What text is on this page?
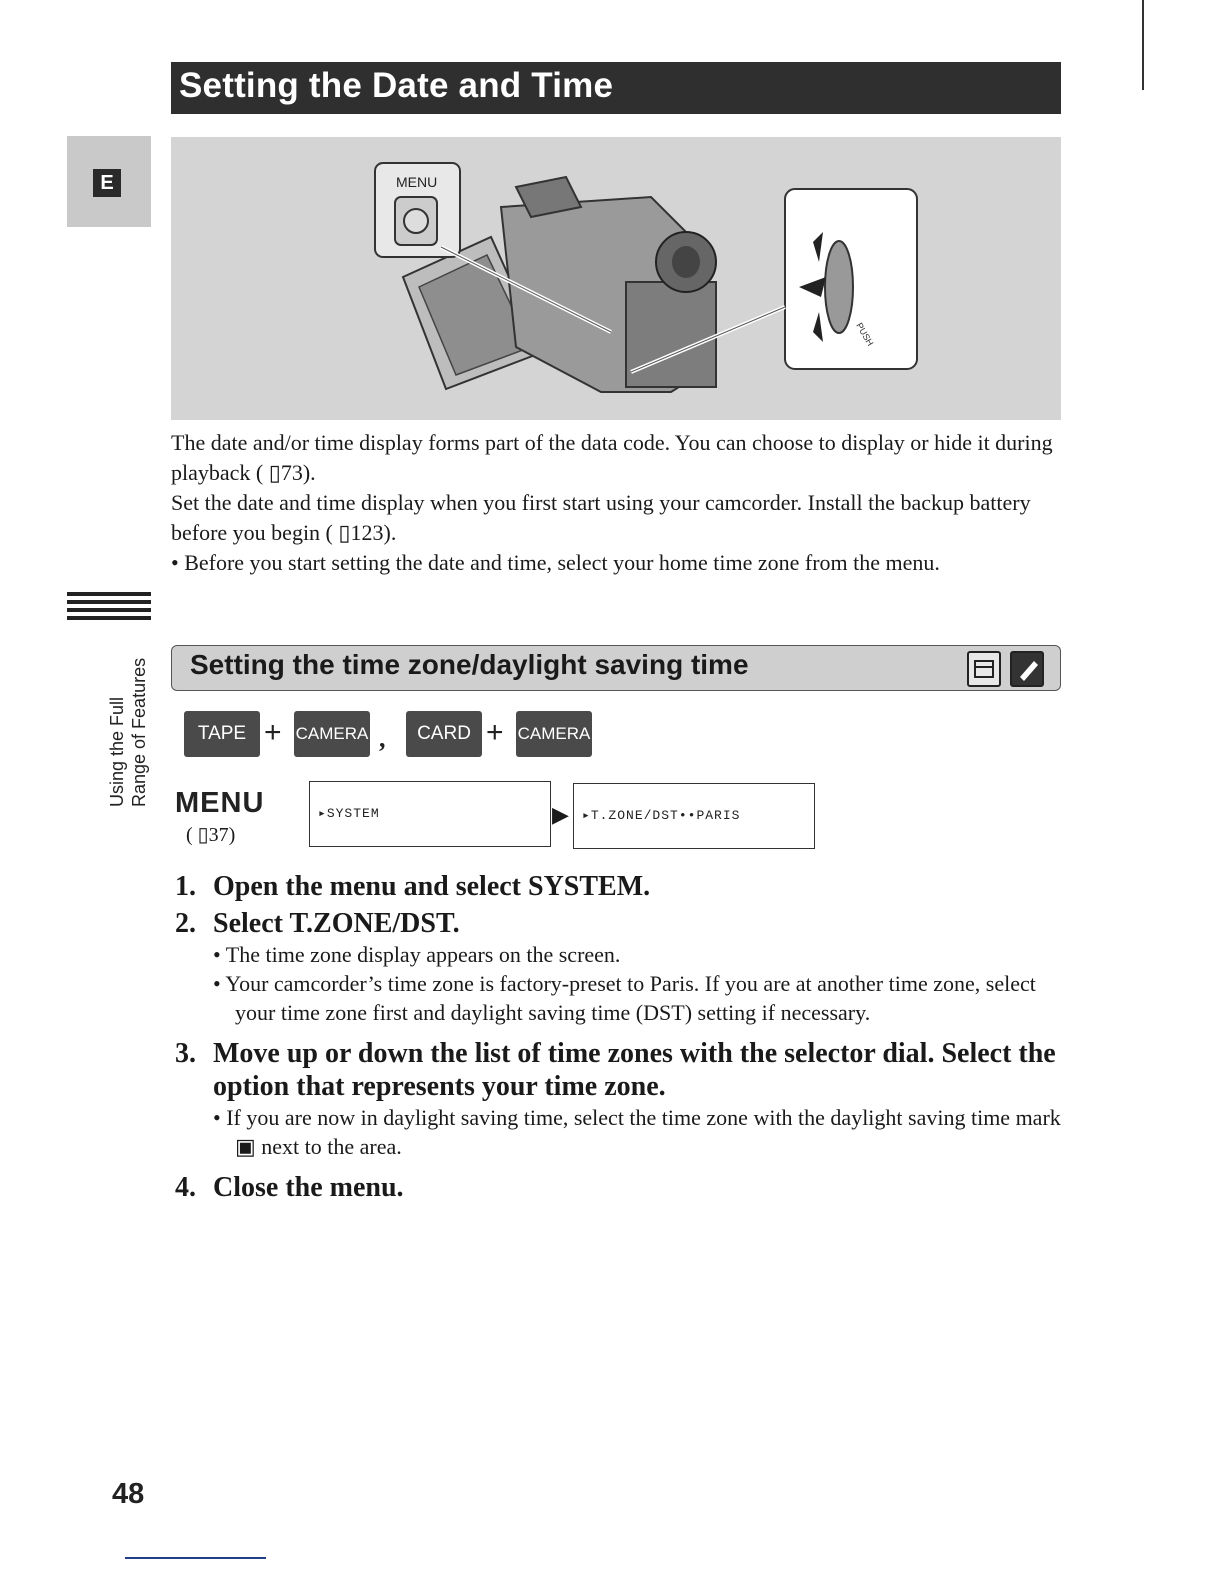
Setting the Date and Time
E	MENU
PUSH
Using the Full Range of Features

The date and/or time display forms part of the data code. You can choose to display or hide it during playback ( ▯73).

Set the date and time display when you first start using your camcorder. Install the backup battery before you begin ( ▯123).

• Before you start setting the date and time, select your home time zone from the menu.

Setting the time zone/daylight saving time
TAPE + CAMERA ,	CARD + CAMERA
MENU
( ▯37)
▸SYSTEM	▶ ▸T.ZONE/DST••PARIS
1. Open the menu and select SYSTEM.
2. Select T.ZONE/DST.
• The time zone display appears on the screen.
• Your camcorder’s time zone is factory-preset to Paris. If you are at another time zone, select your time zone first and daylight saving time (DST) setting if necessary.
3. Move up or down the list of time zones with the selector dial. Select the option that represents your time zone.
• If you are now in daylight saving time, select the time zone with the daylight saving time mark ▣ next to the area.
4. Close the menu.
48
